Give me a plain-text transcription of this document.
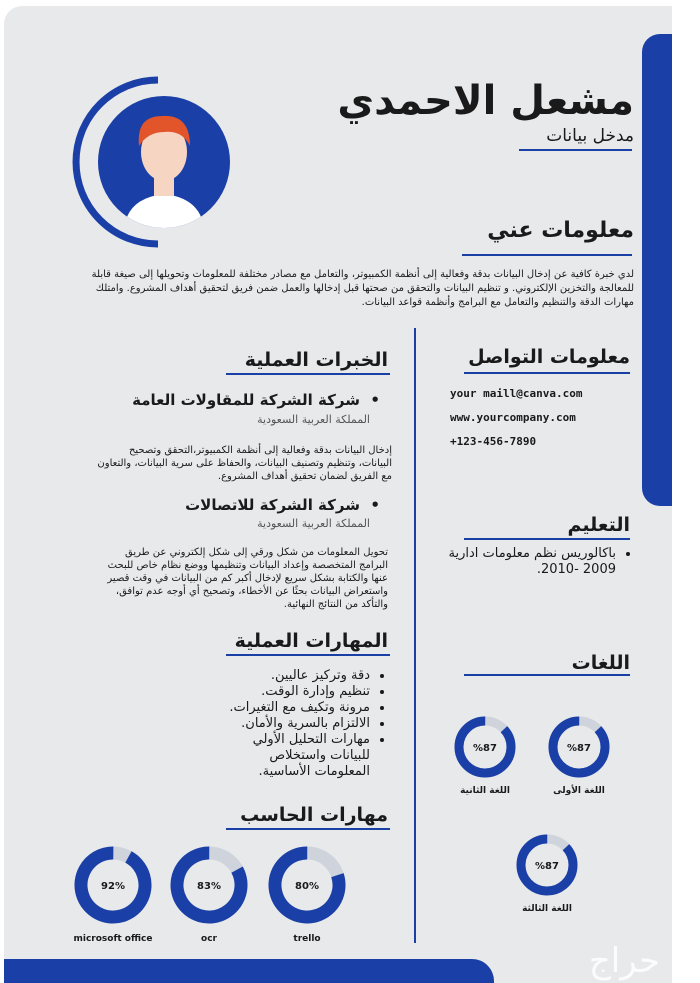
مشعل الاحمدي
مدخل بيانات
معلومات عني
لدي خبرة كافية عن إدخال البيانات بدقة وفعالية إلى أنظمة الكمبيوتر، والتعامل مع مصادر مختلفة للمعلومات وتحويلها إلى صيغة قابلة للمعالجة والتخزين الإلكتروني. و تنظيم البيانات والتحقق من صحتها قبل إدخالها والعمل ضمن فريق لتحقيق أهداف المشروع. وامتلك مهارات الدقة والتنظيم والتعامل مع البرامج وأنظمة قواعد البيانات.
معلومات التواصل
your maill@canva.com
www.yourcompany.com
+123-456-7890
التعليم
• باكالوريس نظم معلومات ادارية
2009 -2010.
اللغات
%87
اللغة الأولى
%87
اللغة الثانية
%87
اللغة الثالثة
الخبرات العملية
•  شركة الشركة للمقاولات العامة
المملكة العربية السعودية
إدخال البيانات بدقة وفعالية إلى أنظمة الكمبيوتر،التحقق وتصحيح البيانات، وتنظيم وتصنيف البيانات، والحفاظ على سرية البيانات، والتعاون مع الفريق لضمان تحقيق أهداف المشروع.
•  شركة الشركة للاتصالات
المملكة العربية السعودية
تحويل المعلومات من شكل ورقي إلى شكل إلكتروني عن طريق البرامج المتخصصة وإعداد البيانات وتنظيمها ووضع نظام خاص للبحث عنها والكتابة بشكل سريع لإدخال أكبر كم من البيانات في وقت قصير واستعراض البيانات بحثًا عن الأخطاء، وتصحيح أي أوجه عدم توافق، والتأكد من النتائج النهائية.
المهارات العملية
• دقة وتركيز عاليين.
• تنظيم وإدارة الوقت.
• مرونة وتكيف مع التغيرات.
• الالتزام بالسرية والأمان.
• مهارات التحليل الأولي للبيانات واستخلاص المعلومات الأساسية.
مهارات الحاسب
92%
microsoft office
83%
ocr
80%
trello
حراج
